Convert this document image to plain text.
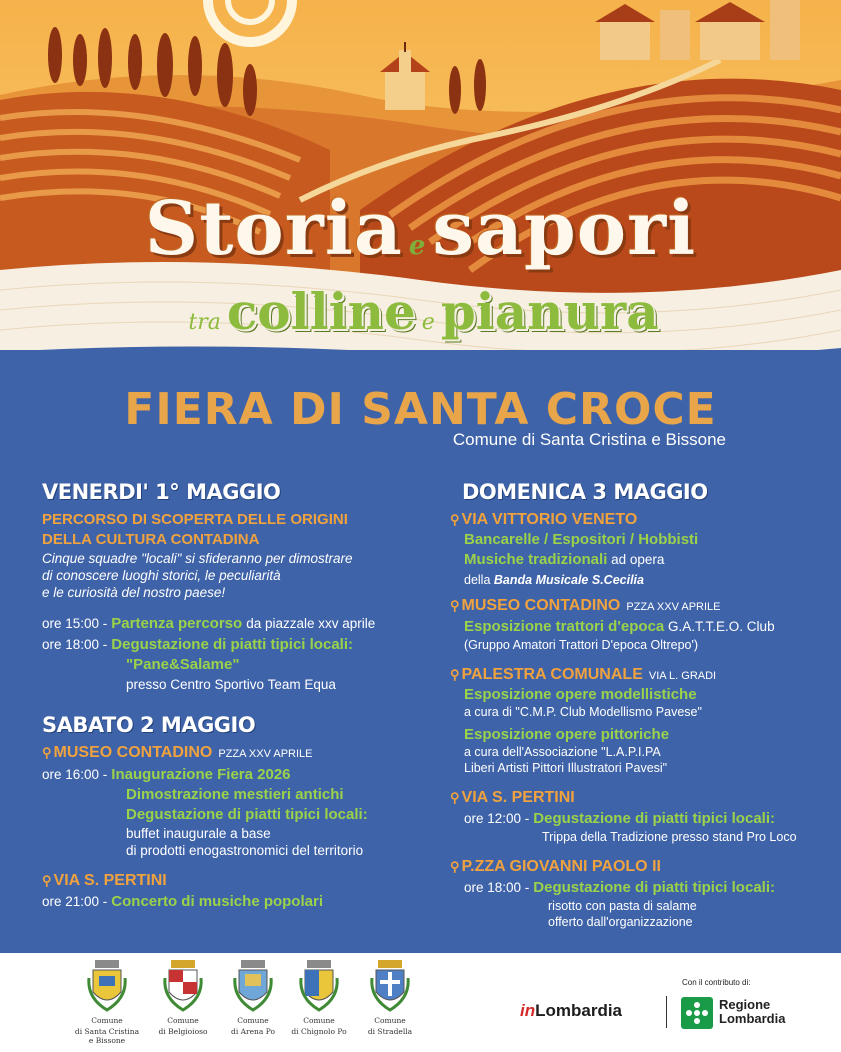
Storia esapori
tra colline e pianura
FIERA DI SANTA CROCE
Comune di Santa Cristina e Bissone
VENERDI' 1° MAGGIO
PERCORSO DI SCOPERTA DELLE ORIGINI
DELLA CULTURA CONTADINA
Cinque squadre "locali" si sfideranno per dimostrare
di conoscere luoghi storici, le peculiarità
e le curiosità del nostro paese!
ore 15:00 - Partenza percorso da piazzale xxv aprile
ore 18:00 - Degustazione di piatti tipici locali:
"Pane&Salame"
presso Centro Sportivo Team Equa
SABATO 2 MAGGIO
⚲ MUSEO CONTADINO PZZA XXV APRILE
ore 16:00 - Inaugurazione Fiera 2026
Dimostrazione mestieri antichi
Degustazione di piatti tipici locali:
buffet inaugurale a base
di prodotti enogastronomici del territorio
⚲ VIA S. PERTINI
ore 21:00 - Concerto di musiche popolari
DOMENICA 3 MAGGIO
⚲ VIA VITTORIO VENETO
Bancarelle / Espositori / Hobbisti
Musiche tradizionali ad opera
della Banda Musicale S.Cecilia
⚲ MUSEO CONTADINO PZZA XXV APRILE
Esposizione trattori d'epoca G.A.T.T.E.O. Club
(Gruppo Amatori Trattori D'epoca Oltrepo')
⚲ PALESTRA COMUNALE VIA L. GRADI
Esposizione opere modellistiche
a cura di "C.M.P. Club Modellismo Pavese"
Esposizione opere pittoriche
a cura dell'Associazione "L.A.P.I.PA
Liberi Artisti Pittori Illustratori Pavesi"
⚲ VIA S. PERTINI
ore 12:00 - Degustazione di piatti tipici locali:
Trippa della Tradizione presso stand Pro Loco
⚲ P.ZZA GIOVANNI PAOLO II
ore 18:00 - Degustazione di piatti tipici locali:
risotto con pasta di salame
offerto dall'organizzazione
Comune
di Santa Cristina e Bissone
Comune
di Belgioioso
Comune
di Arena Po
Comune
di Chignolo Po
Comune
di Stradella
Con il contributo di:
inLombardia	Regione
Lombardia
